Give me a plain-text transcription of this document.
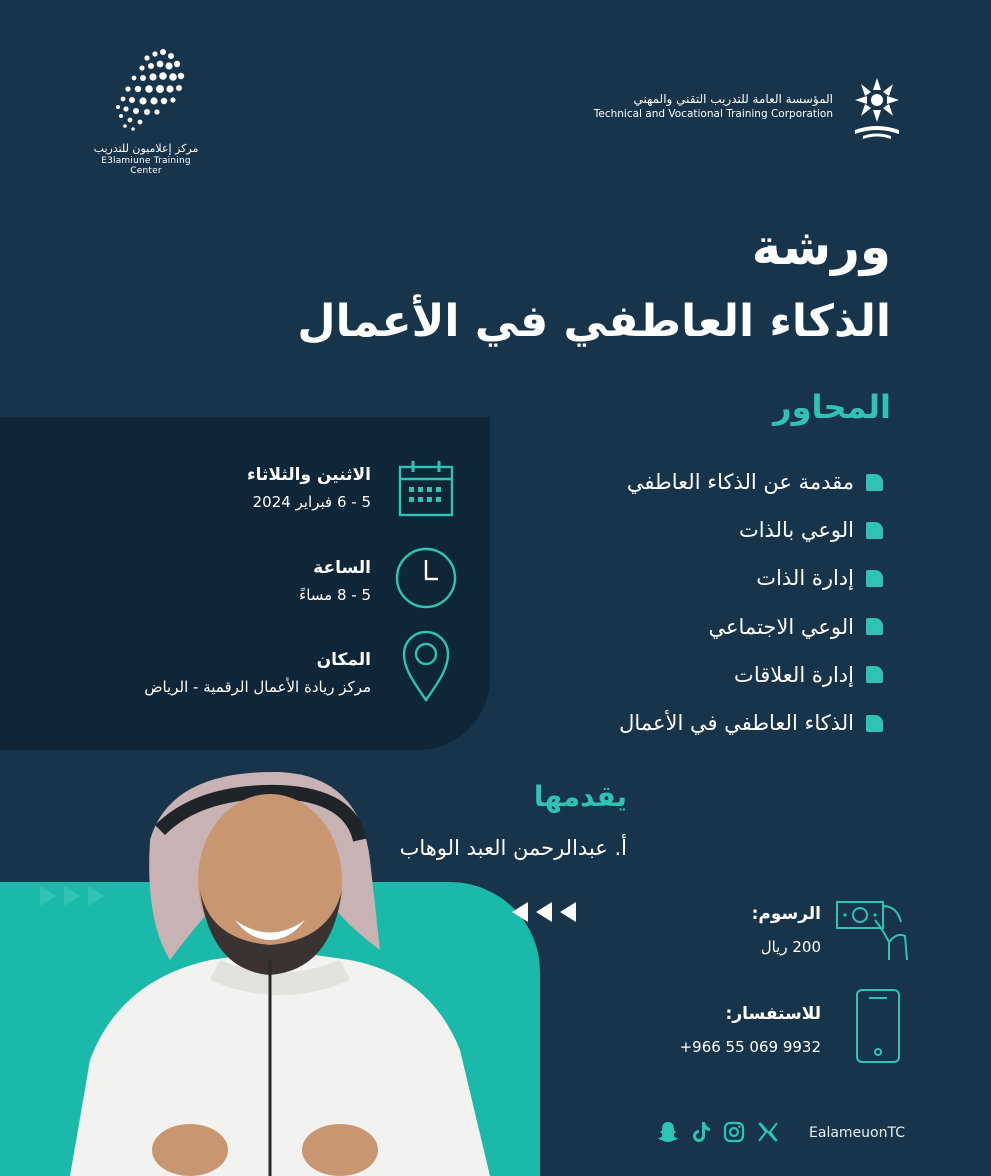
مركز إعلاميون للتدريب
E3lamiune Training Center
المؤسسة العامة للتدريب التقني والمهني
Technical and Vocational Training Corporation
ورشة
الذكاء العاطفي في الأعمال
المحاور
الاثنين والثلاثاء
5 - 6 فبراير 2024
الساعة
5 - 8 مساءً
المكان
مركز ريادة الأعمال الرقمية - الرياض
مقدمة عن الذكاء العاطفي
الوعي بالذات
إدارة الذات
الوعي الاجتماعي
إدارة العلاقات
الذكاء العاطفي في الأعمال
يقدمها
أ. عبدالرحمن العبد الوهاب
الرسوم:
200 ريال
للاستفسار:
+966 55 069 9932
EalameuonTC
